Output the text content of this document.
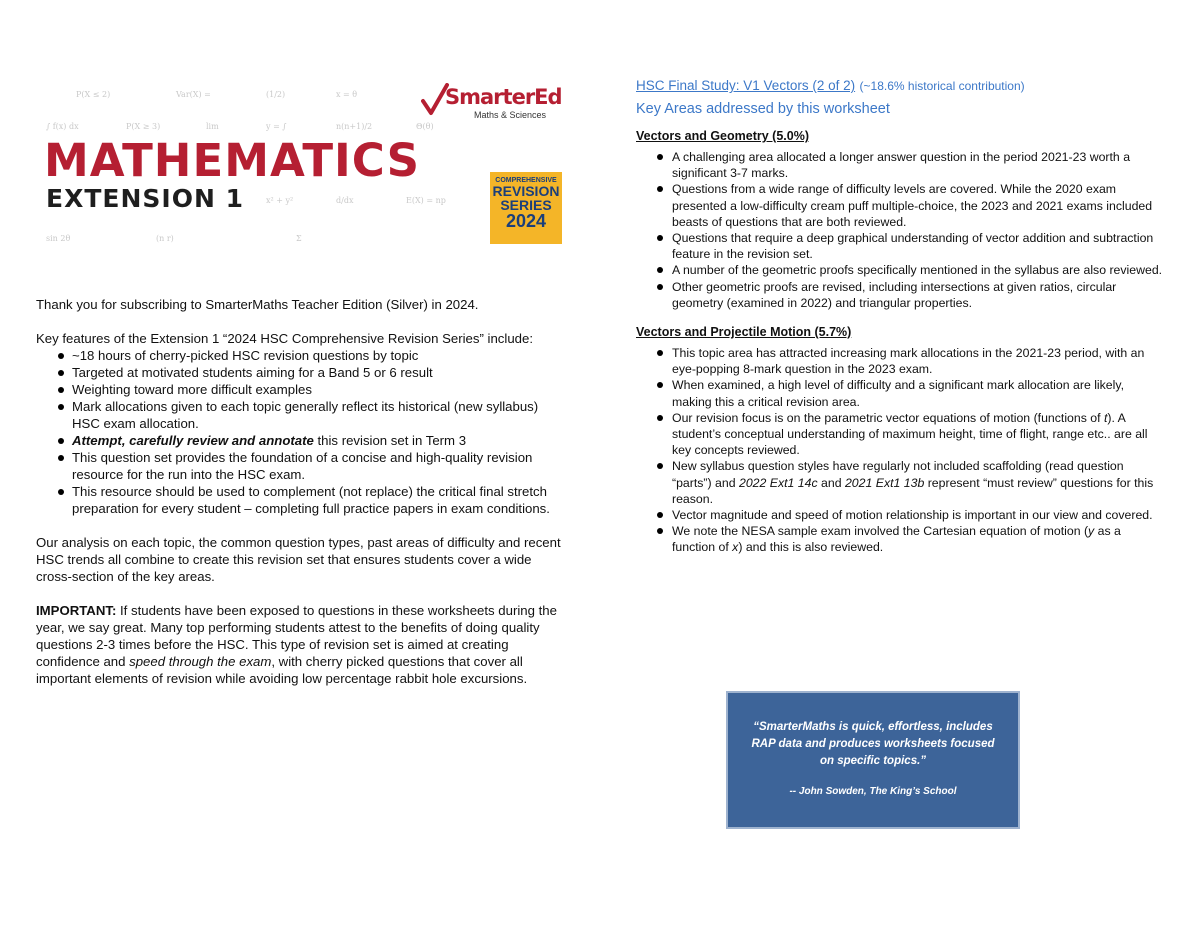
P(X ≤ 2)	Var(X) =	(1/2)	x = θ
∫ f(x) dx	P(X ≥ 3)	lim	y = ∫	n(n+1)/2	Θ(θ)
x² + y²	d/dx	E(X) = np
sin 2θ	(n r)	Σ
MATHEMATICS
EXTENSION 1
SmarterEd
Maths & Sciences
COMPREHENSIVE
REVISION
SERIES
2024

Thank you for subscribing to SmarterMaths Teacher Edition (Silver) in 2024.

Key features of the Extension 1 “2024 HSC Comprehensive Revision Series” include:

~18 hours of cherry-picked HSC revision questions by topic
Targeted at motivated students aiming for a Band 5 or 6 result
Weighting toward more difficult examples
Mark allocations given to each topic generally reflect its historical (new syllabus) HSC exam allocation.
Attempt, carefully review and annotate this revision set in Term 3
This question set provides the foundation of a concise and high-quality revision resource for the run into the HSC exam.
This resource should be used to complement (not replace) the critical final stretch preparation for every student – completing full practice papers in exam conditions.

Our analysis on each topic, the common question types, past areas of difficulty and recent HSC trends all combine to create this revision set that ensures students cover a wide cross-section of the key areas.

IMPORTANT: If students have been exposed to questions in these worksheets during the year, we say great. Many top performing students attest to the benefits of doing quality questions 2-3 times before the HSC. This type of revision set is aimed at creating confidence and speed through the exam, with cherry picked questions that cover all important elements of revision while avoiding low percentage rabbit hole excursions.

HSC Final Study: V1 Vectors (2 of 2) (~18.6% historical contribution)
Key Areas addressed by this worksheet
Vectors and Geometry (5.0%)
A challenging area allocated a longer answer question in the period 2021-23 worth a significant 3-7 marks.
Questions from a wide range of difficulty levels are covered. While the 2020 exam presented a low-difficulty cream puff multiple-choice, the 2023 and 2021 exams included beasts of questions that are both reviewed.
Questions that require a deep graphical understanding of vector addition and subtraction feature in the revision set.
A number of the geometric proofs specifically mentioned in the syllabus are also reviewed.
Other geometric proofs are revised, including intersections at given ratios, circular geometry (examined in 2022) and triangular properties.
Vectors and Projectile Motion (5.7%)
This topic area has attracted increasing mark allocations in the 2021-23 period, with an eye-popping 8-mark question in the 2023 exam.
When examined, a high level of difficulty and a significant mark allocation are likely, making this a critical revision area.
Our revision focus is on the parametric vector equations of motion (functions of t). A student’s conceptual understanding of maximum height, time of flight, range etc.. are all key concepts reviewed.
New syllabus question styles have regularly not included scaffolding (read question “parts”) and 2022 Ext1 14c and 2021 Ext1 13b represent “must review” questions for this reason.
Vector magnitude and speed of motion relationship is important in our view and covered.
We note the NESA sample exam involved the Cartesian equation of motion (y as a function of x) and this is also reviewed.
“SmarterMaths is quick, effortless, includes RAP data and produces worksheets focused on specific topics.”
-- John Sowden, The King’s School
